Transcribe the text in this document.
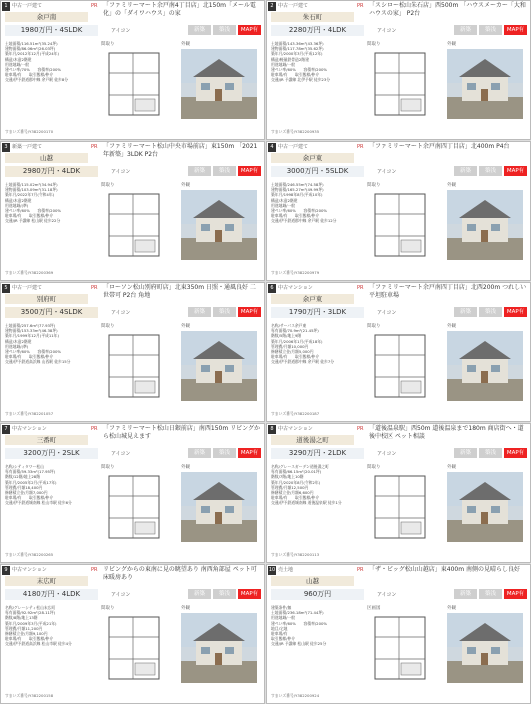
1 中古一戸建て
余戸南
PR 「ファミリーマート余戸南4丁目店」北150m「メール電化」の「ダイワハウス」の家
1980万円・4SLDK	アイコン	新築	築浅	MAP有
土地面積/116.51m²(35.24坪)
建物面積/86.06m²(26.03坪)
築年月/2012年12月(平成24年)
構造/木造2階建
用途地域/一般
建ぺい率/70%　　容積率/200%
駐車場/有　　取引態様/仲介
交通/伊予鉄道郡中線 余戸駅 徒歩8分
間取り	外観
すまいズ番号/Y382200170
2 中古一戸建て
朱石町
PR 「スシロー松山朱石店」西500m 「ハウスメーカー「大和ハウスの家」 P2台
2280万円・4LDK	アイコン	新築	築浅	MAP有
土地面積/143.36m²(43.36坪)
建物面積/117.78m²(35.62坪)
築年月/2000年3月(平成12年)
構造/軽量鉄骨造2階建
用途地域/一般
建ぺい率/60%　　容積率/200%
駐車場/有　　取引態様/仲介
交通/JR 予讃線 北伊予駅 徒歩23分
間取り	外観
すまいズ番号/Y382200935
3 新築一戸建て
山越
PR 「ファミリーマート松山中央市場前店」東150m 「2021年新築」3LDK P2台
2980万円・4LDK	アイコン	新築	築浅	MAP有
土地面積/115.02m²(34.94坪)
建物面積/103.09m²(31.18坪)
築年月/2022年7月(令和4年)
構造/木造2階建
用途地域/(準)
建ぺい率/60%　　容積率/200%
駐車場/有　　取引態様/仲介
交通/JR 予讃線 松山駅 徒歩22分
間取り	外観
すまいズ番号/Y382200369
4 中古一戸建て
余戸東
PR 「ファミリーマート余戸南四丁目店」北400m P4台
3000万円・5SLDK	アイコン	新築	築浅	MAP有
土地面積/246.55m²(74.58坪)
建物面積/165.27m²(49.99坪)
築年月/1998年8月(平成10年)
構造/木造2階建
用途地域/一般
建ぺい率/60%　　容積率/200%
駐車場/有　　取引態様/仲介
交通/伊予鉄道郡中線 余戸駅 徒歩12分
間取り	外観
すまいズ番号/Y382200979
5 中古一戸建て
別府町
PR 「ローソン松山別府町店」北東350m 日照・通風良好 二世帯可 P2台 角地
3500万円・4SLDK	アイコン	新築	築浅	MAP有
土地面積/257.6m²(77.93坪)
建物面積/153.33m²(46.38坪)
築年月/1999年12月(平成11年)
構造/木造2階建
用途地域/(準)
建ぺい率/60%　　容積率/200%
駐車場/有　　取引態様/仲介
交通/伊予鉄道高浜線 山西駅 徒歩15分
間取り	外観
すまいズ番号/Y382201057
6 中古マンション
余戸東
PR 「ファミリーマート余戸南四丁目店」北西200m つれしい平坦駐車場
1790万円・3LDK	アイコン	新築	築浅	MAP有
名称/サーパス余戸東
専有面積/70.9m²(21.45坪)
階数/5階/地上9階
築年月/2006年1月(平成18年)
管理費/月額10,000円
修繕積立金/月額5,000円
駐車場/有　　取引態様/仲介
交通/伊予鉄道郡中線 余戸駅 徒歩7分
間取り	外観
すまいズ番号/Y382200187
7 中古マンション
三番町
PR 「ファミリーマート松山日銀前店」南西150m リビングから松山城見えます
3200万円・2SLK	アイコン	新築	築浅	MAP有
名称/シティタワー松山
専有面積/59.33m²(17.95坪)
階数/12階/地上28階
築年月/2005年2月(平成17年)
管理費/月額18,400円
修繕積立金/月額7,000円
駐車場/有　　取引態様/仲介
交通/伊予鉄道城南線 松山市駅 徒歩6分
間取り	外観
すまいズ番号/Y382200265
8 中古マンション
道後湯之町
PR 「道後温泉駅」西50m 道後温泉まで180m 商店街へ・道後中校区 ペット相談
3290万円・2LDK	アイコン	新築	築浅	MAP有
名称/グレースガーデン道後湯之町
専有面積/66.15m²(20.01坪)
階数/7階/地上10階
築年月/2020年8月(令和2年)
管理費/月額12,500円
修繕積立金/月額6,600円
駐車場/有　　取引態様/仲介
交通/伊予鉄道城南線 道後温泉駅 徒歩1分
間取り	外観
すまいズ番号/Y382200113
9 中古マンション
末広町
PR リビングからの東南に見の眺望あり 南西角部屋 ペット可 床暖房あり
4180万円・4LDK	アイコン	新築	築浅	MAP有
名称/グレーシティ松山末広町
専有面積/92.92m²(28.11坪)
階数/8階/地上13階
築年月/2009年3月(平成21年)
管理費/月額11,200円
修繕積立金/月額9,100円
駐車場/有　　取引態様/仲介
交通/伊予鉄道高浜線 松山市駅 徒歩4分
間取り	外観
すまいズ番号/Y382200158
10 売土地
山越
PR 「ザ・ビッグ松山山越店」東400m 南側の見晴らし良好
960万円	アイコン	新築	築浅	MAP有
建築条件/無
土地面積/236.18m²(71.44坪)
用途地域/一般
建ぺい率/60%　　容積率/200%
地目/宅地
駐車場/有
取引態様/仲介
交通/JR 予讃線 松山駅 徒歩25分
区画図	外観
すまいズ番号/Y382200924
